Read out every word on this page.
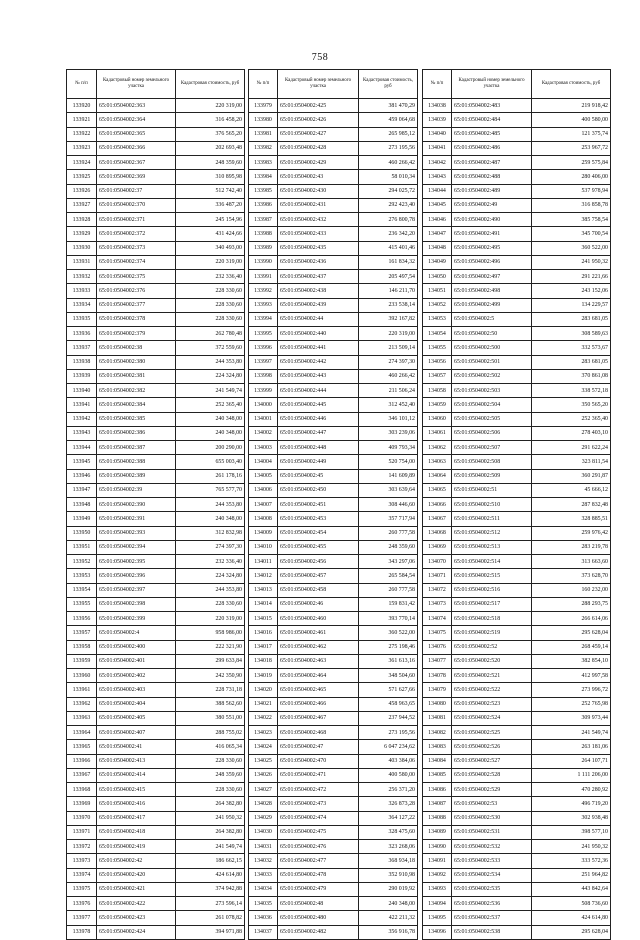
758
№ п/п	Кадастровый номер земельного участка	Кадастровая стоимость, руб
133920	65:01:0504002:363	220 319,00
133921	65:01:0504002:364	316 458,20
133922	65:01:0504002:365	376 565,20
133923	65:01:0504002:366	202 693,48
133924	65:01:0504002:367	248 359,60
133925	65:01:0504002:369	310 895,98
133926	65:01:0504002:37	512 742,40
133927	65:01:0504002:370	336 487,20
133928	65:01:0504002:371	245 154,96
133929	65:01:0504002:372	431 424,66
133930	65:01:0504002:373	340 493,00
133931	65:01:0504002:374	220 319,00
133932	65:01:0504002:375	232 336,40
133933	65:01:0504002:376	228 330,60
133934	65:01:0504002:377	228 330,60
133935	65:01:0504002:378	228 330,60
133936	65:01:0504002:379	262 780,48
133937	65:01:0504002:38	372 559,60
133938	65:01:0504002:380	244 353,80
133939	65:01:0504002:381	224 324,80
133940	65:01:0504002:382	241 549,74
133941	65:01:0504002:384	252 365,40
133942	65:01:0504002:385	240 348,00
133943	65:01:0504002:386	240 348,00
133944	65:01:0504002:387	200 290,00
133945	65:01:0504002:388	655 003,40
133946	65:01:0504002:389	261 178,16
133947	65:01:0504002:39	765 577,70
133948	65:01:0504002:390	244 353,80
133949	65:01:0504002:391	240 348,00
133950	65:01:0504002:393	312 832,98
133951	65:01:0504002:394	274 397,30
133952	65:01:0504002:395	232 336,40
133953	65:01:0504002:396	224 324,80
133954	65:01:0504002:397	244 353,80
133955	65:01:0504002:398	228 330,60
133956	65:01:0504002:399	220 319,00
133957	65:01:0504002:4	958 986,00
133958	65:01:0504002:400	222 321,90
133959	65:01:0504002:401	299 633,84
133960	65:01:0504002:402	242 350,90
133961	65:01:0504002:403	228 731,18
133962	65:01:0504002:404	388 562,60
133963	65:01:0504002:405	380 551,00
133964	65:01:0504002:407	288 755,02
133965	65:01:0504002:41	416 065,34
133966	65:01:0504002:413	228 330,60
133967	65:01:0504002:414	248 359,60
133968	65:01:0504002:415	228 330,60
133969	65:01:0504002:416	264 382,80
133970	65:01:0504002:417	241 950,32
133971	65:01:0504002:418	264 382,80
133972	65:01:0504002:419	241 549,74
133973	65:01:0504002:42	186 662,15
133974	65:01:0504002:420	424 614,80
133975	65:01:0504002:421	374 942,88
133976	65:01:0504002:422	273 596,14
133977	65:01:0504002:423	261 078,82
133978	65:01:0504002:424	394 971,88
№ п/п	Кадастровый номер земельного участка	Кадастровая стоимость, руб
133979	65:01:0504002:425	381 470,29
133980	65:01:0504002:426	459 064,68
133981	65:01:0504002:427	265 985,12
133982	65:01:0504002:428	273 195,56
133983	65:01:0504002:429	460 266,42
133984	65:01:0504002:43	58 010,34
133985	65:01:0504002:430	294 025,72
133986	65:01:0504002:431	292 423,40
133987	65:01:0504002:432	276 800,78
133988	65:01:0504002:433	236 342,20
133989	65:01:0504002:435	415 401,46
133990	65:01:0504002:436	161 834,32
133991	65:01:0504002:437	205 497,54
133992	65:01:0504002:438	146 211,70
133993	65:01:0504002:439	233 538,14
133994	65:01:0504002:44	392 167,82
133995	65:01:0504002:440	220 319,00
133996	65:01:0504002:441	213 509,14
133997	65:01:0504002:442	274 397,30
133998	65:01:0504002:443	460 266,42
133999	65:01:0504002:444	211 506,24
134000	65:01:0504002:445	312 452,40
134001	65:01:0504002:446	346 101,12
134002	65:01:0504002:447	303 239,06
134003	65:01:0504002:448	409 793,34
134004	65:01:0504002:449	520 754,00
134005	65:01:0504002:45	141 609,89
134006	65:01:0504002:450	303 639,64
134007	65:01:0504002:451	308 446,60
134008	65:01:0504002:453	357 717,94
134009	65:01:0504002:454	260 777,58
134010	65:01:0504002:455	248 359,60
134011	65:01:0504002:456	343 297,06
134012	65:01:0504002:457	265 584,54
134013	65:01:0504002:458	260 777,58
134014	65:01:0504002:46	159 831,42
134015	65:01:0504002:460	393 770,14
134016	65:01:0504002:461	360 522,00
134017	65:01:0504002:462	275 198,46
134018	65:01:0504002:463	361 613,16
134019	65:01:0504002:464	348 504,60
134020	65:01:0504002:465	571 627,66
134021	65:01:0504002:466	458 963,65
134022	65:01:0504002:467	237 944,52
134023	65:01:0504002:468	273 195,56
134024	65:01:0504002:47	6 047 234,62
134025	65:01:0504002:470	403 384,06
134026	65:01:0504002:471	400 580,00
134027	65:01:0504002:472	256 371,20
134028	65:01:0504002:473	326 873,28
134029	65:01:0504002:474	364 127,22
134030	65:01:0504002:475	328 475,60
134031	65:01:0504002:476	323 268,06
134032	65:01:0504002:477	368 934,18
134033	65:01:0504002:478	352 910,98
134034	65:01:0504002:479	290 019,92
134035	65:01:0504002:48	240 348,00
134036	65:01:0504002:480	422 211,32
134037	65:01:0504002:482	356 916,78
№ п/п	Кадастровый номер земельного участка	Кадастровая стоимость, руб
134038	65:01:0504002:483	219 918,42
134039	65:01:0504002:484	400 580,00
134040	65:01:0504002:485	121 375,74
134041	65:01:0504002:486	253 967,72
134042	65:01:0504002:487	259 575,84
134043	65:01:0504002:488	280 406,00
134044	65:01:0504002:489	537 978,94
134045	65:01:0504002:49	316 858,78
134046	65:01:0504002:490	385 758,54
134047	65:01:0504002:491	345 700,54
134048	65:01:0504002:495	360 522,00
134049	65:01:0504002:496	241 950,32
134050	65:01:0504002:497	291 221,66
134051	65:01:0504002:498	243 152,06
134052	65:01:0504002:499	134 229,57
134053	65:01:0504002:5	283 681,05
134054	65:01:0504002:50	308 589,63
134055	65:01:0504002:500	332 573,67
134056	65:01:0504002:501	283 681,05
134057	65:01:0504002:502	370 861,08
134058	65:01:0504002:503	338 572,18
134059	65:01:0504002:504	350 565,20
134060	65:01:0504002:505	252 365,40
134061	65:01:0504002:506	278 403,10
134062	65:01:0504002:507	291 622,24
134063	65:01:0504002:508	323 811,54
134064	65:01:0504002:509	360 291,87
134065	65:01:0504002:51	45 666,12
134066	65:01:0504002:510	287 832,48
134067	65:01:0504002:511	328 885,51
134068	65:01:0504002:512	259 976,42
134069	65:01:0504002:513	283 219,78
134070	65:01:0504002:514	313 663,60
134071	65:01:0504002:515	373 628,70
134072	65:01:0504002:516	160 232,00
134073	65:01:0504002:517	288 293,75
134074	65:01:0504002:518	266 614,06
134075	65:01:0504002:519	295 628,04
134076	65:01:0504002:52	268 459,14
134077	65:01:0504002:520	382 854,10
134078	65:01:0504002:521	412 997,58
134079	65:01:0504002:522	273 996,72
134080	65:01:0504002:523	252 765,98
134081	65:01:0504002:524	309 973,44
134082	65:01:0504002:525	241 549,74
134083	65:01:0504002:526	263 181,06
134084	65:01:0504002:527	264 107,71
134085	65:01:0504002:528	1 111 206,00
134086	65:01:0504002:529	470 280,92
134087	65:01:0504002:53	496 719,20
134088	65:01:0504002:530	302 938,48
134089	65:01:0504002:531	398 577,10
134090	65:01:0504002:532	241 950,32
134091	65:01:0504002:533	333 572,36
134092	65:01:0504002:534	251 964,82
134093	65:01:0504002:535	443 842,64
134094	65:01:0504002:536	508 736,60
134095	65:01:0504002:537	424 614,80
134096	65:01:0504002:538	295 628,04
